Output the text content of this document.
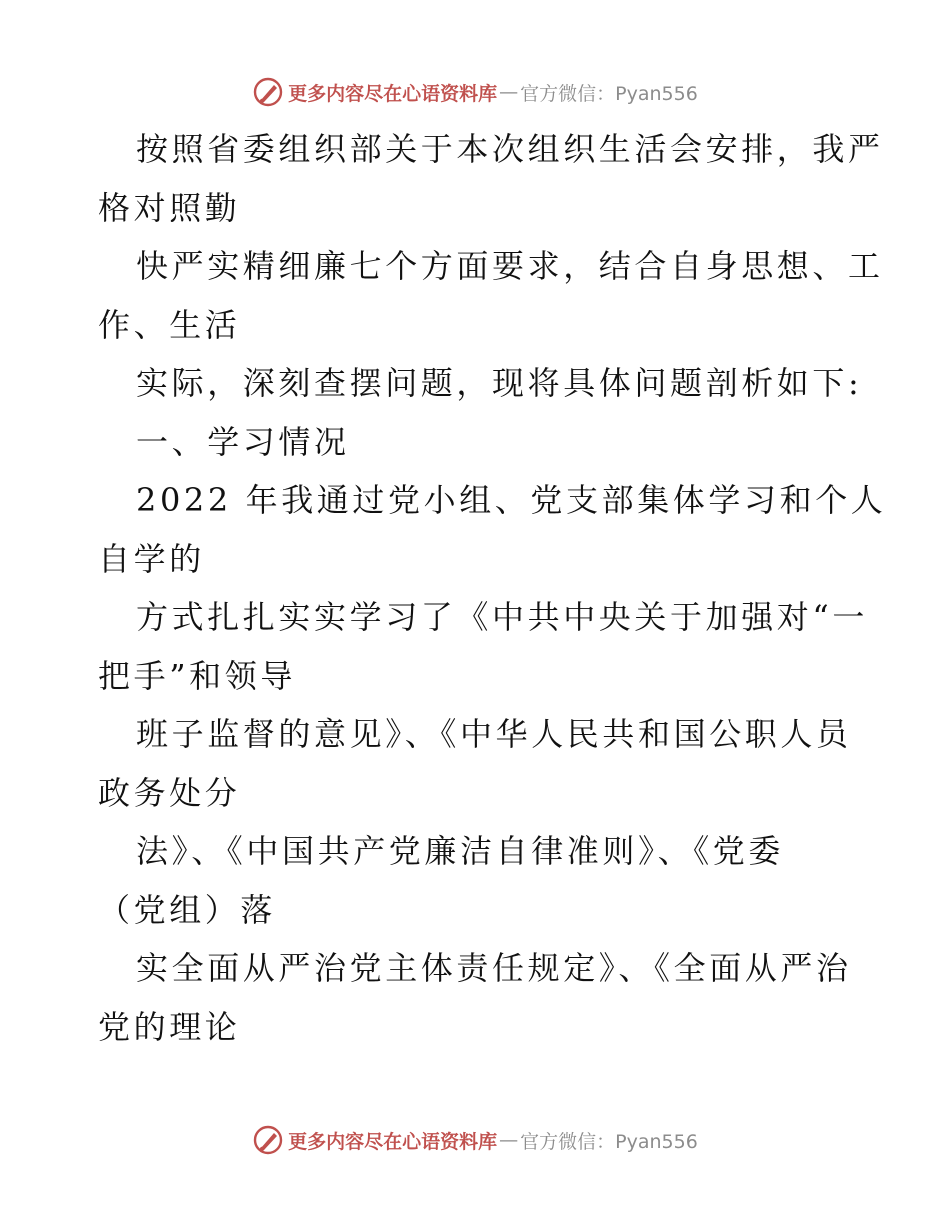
更多内容尽在心语资料库 — 官方微信：Pyan556
按照省委组织部关于本次组织生活会安排，我严
格对照勤
快严实精细廉七个方面要求，结合自身思想、工
作、生活
实际，深刻查摆问题，现将具体问题剖析如下:
一、学习情况
2022 年我通过党小组、党支部集体学习和个人
自学的
方式扎扎实实学习了《中共中央关于加强对“一
把手”和领导
班子监督的意见》、《中华人民共和国公职人员
政务处分
法》、《中国共产党廉洁自律准则》、《党委
（党组）落
实全面从严治党主体责任规定》、《全面从严治
党的理论
更多内容尽在心语资料库 — 官方微信：Pyan556
